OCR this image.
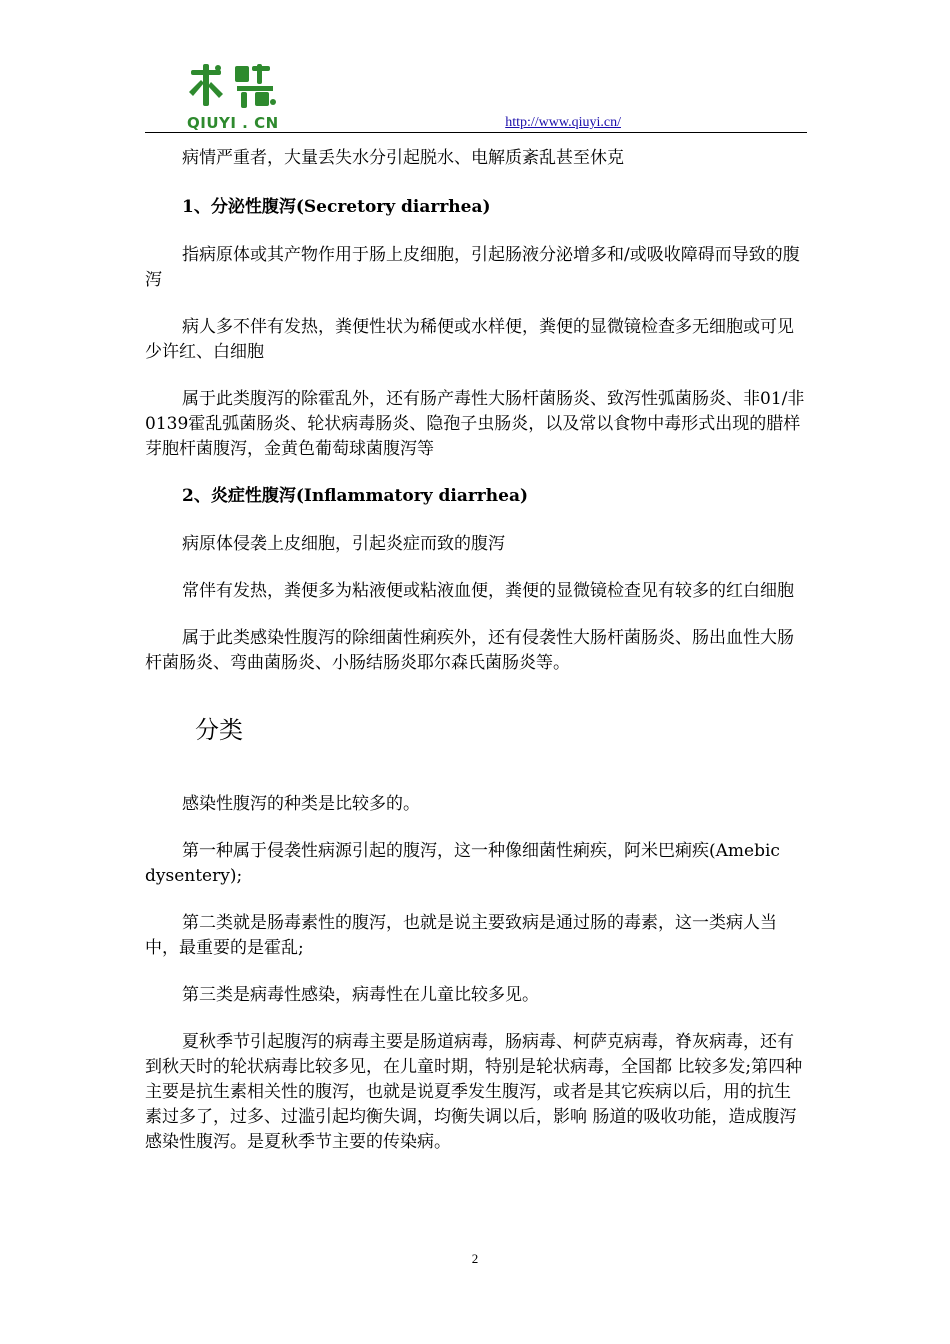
QIUYI . CN	http://www.qiuyi.cn/

病情严重者，大量丢失水分引起脱水、电解质紊乱甚至休克

1、分泌性腹泻(Secretory diarrhea)

指病原体或其产物作用于肠上皮细胞，引起肠液分泌增多和/或吸收障碍而导致的腹泻

病人多不伴有发热，粪便性状为稀便或水样便，粪便的显微镜检查多无细胞或可见少许红、白细胞

属于此类腹泻的除霍乱外，还有肠产毒性大肠杆菌肠炎、致泻性弧菌肠炎、非01/非0139霍乱弧菌肠炎、轮状病毒肠炎、隐孢子虫肠炎，以及常以食物中毒形式出现的腊样芽胞杆菌腹泻，金黄色葡萄球菌腹泻等

2、炎症性腹泻(Inflammatory diarrhea)

病原体侵袭上皮细胞，引起炎症而致的腹泻

常伴有发热，粪便多为粘液便或粘液血便，粪便的显微镜检查见有较多的红白细胞

属于此类感染性腹泻的除细菌性痢疾外，还有侵袭性大肠杆菌肠炎、肠出血性大肠杆菌肠炎、弯曲菌肠炎、小肠结肠炎耶尔森氏菌肠炎等。

分类

感染性腹泻的种类是比较多的。

第一种属于侵袭性病源引起的腹泻，这一种像细菌性痢疾，阿米巴痢疾(Amebic dysentery);

第二类就是肠毒素性的腹泻，也就是说主要致病是通过肠的毒素，这一类病人当中，最重要的是霍乱;

第三类是病毒性感染，病毒性在儿童比较多见。

夏秋季节引起腹泻的病毒主要是肠道病毒，肠病毒、柯萨克病毒，脊灰病毒，还有到秋天时的轮状病毒比较多见，在儿童时期，特别是轮状病毒，全国都 比较多发;第四种主要是抗生素相关性的腹泻，也就是说夏季发生腹泻，或者是其它疾病以后，用的抗生素过多了，过多、过滥引起均衡失调，均衡失调以后，影响 肠道的吸收功能，造成腹泻感染性腹泻。是夏秋季节主要的传染病。

2
